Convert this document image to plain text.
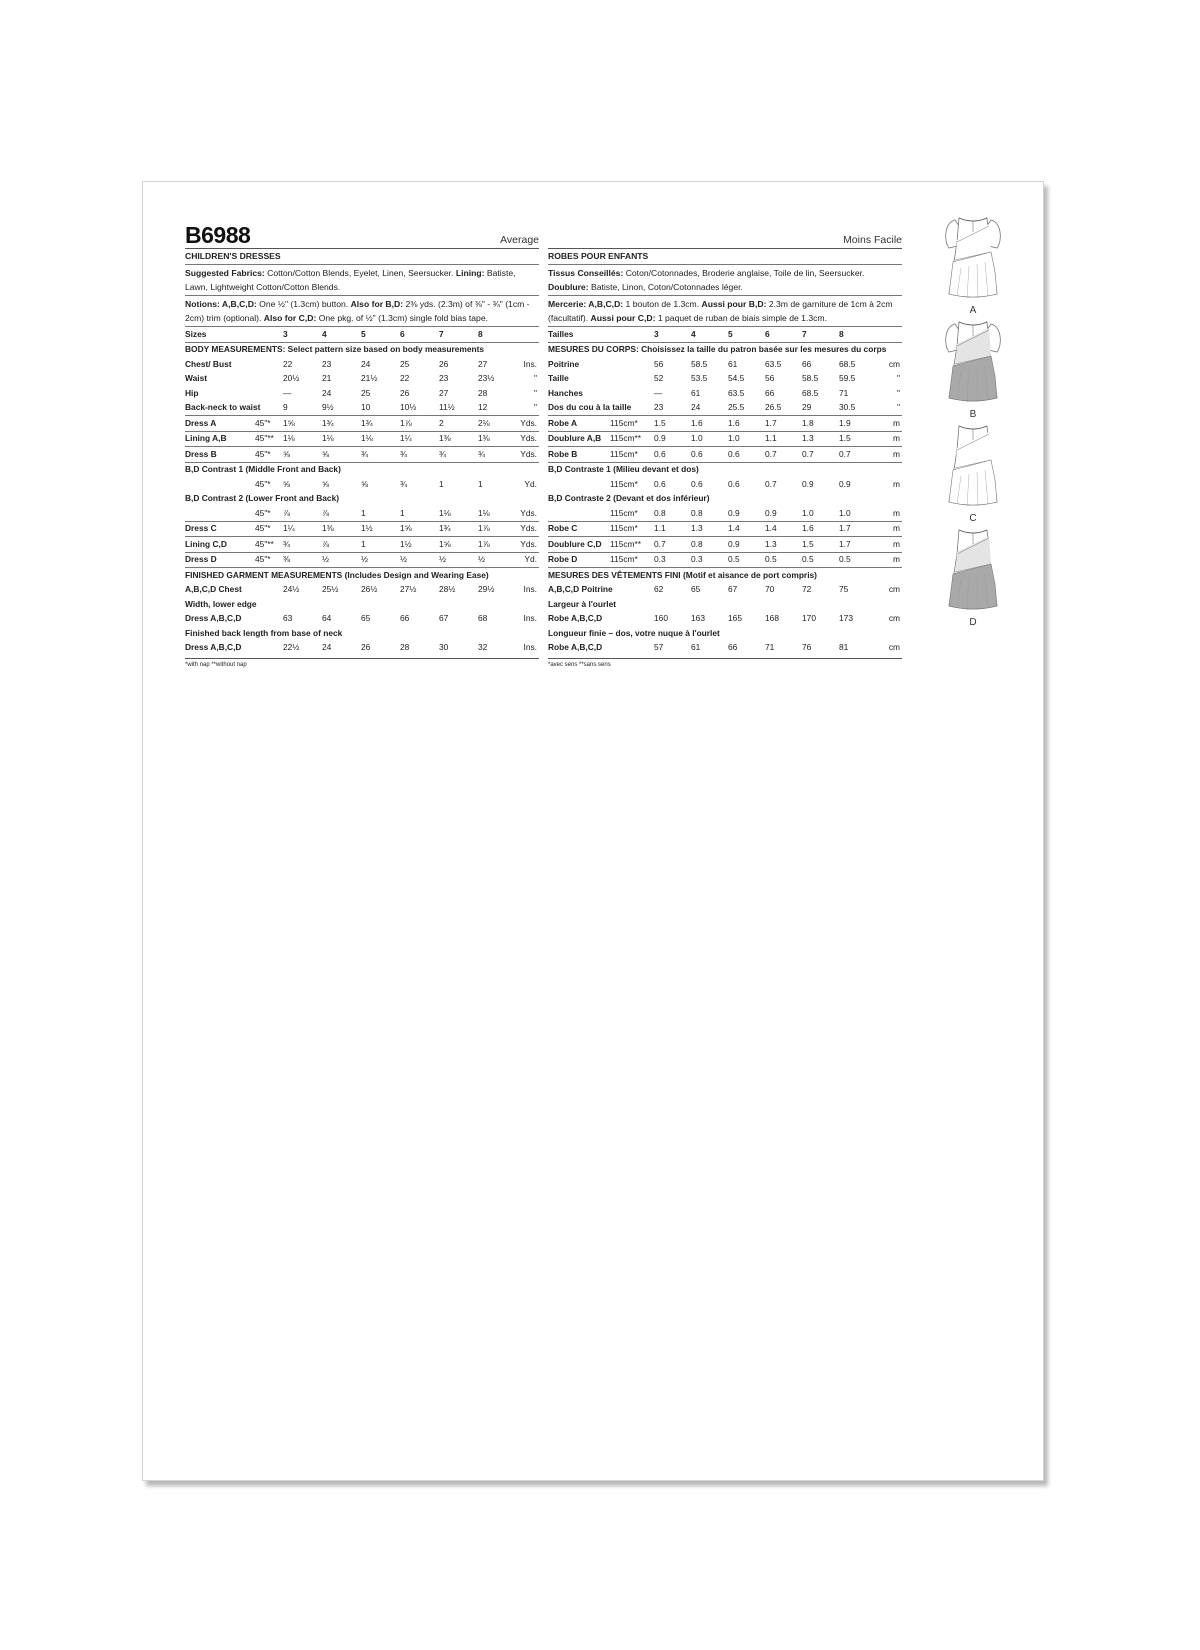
B6988	Average
CHILDREN'S DRESSES
Suggested Fabrics: Cotton/Cotton Blends, Eyelet, Linen, Seersucker. Lining: Batiste, Lawn, Lightweight Cotton/Cotton Blends.
Notions: A,B,C,D: One ½" (1.3cm) button. Also for B,D: 2⅜ yds. (2.3m) of ⅜" - ¾" (1cm - 2cm) trim (optional). Also for C,D: One pkg. of ½" (1.3cm) single fold bias tape.
Sizes		3	4	5	6	7	8	
BODY MEASUREMENTS: Select pattern size based on body measurements								
Chest/ Bust		22	23	24	25	26	27	Ins.
Waist		20½	21	21½	22	23	23½	"
Hip		—	24	25	26	27	28	"
Back-neck to waist		9	9½	10	10½	11½	12	"
Dress A	45"*	1⅝	1¾	1¾	1⅞	2	2⅛	Yds.
Lining A,B	45"**	1⅛	1⅛	1⅛	1¼	1⅜	1⅜	Yds.
Dress B	45"*	⅝	⅝	¾	¾	¾	¾	Yds.
B,D Contrast 1 (Middle Front and Back)								
	45"*	⅝	⅝	⅝	¾	1	1	Yd.
B,D Contrast 2 (Lower Front and Back)								
	45"*	⅞	⅞	1	1	1⅛	1⅛	Yds.
Dress C	45"*	1¼	1⅜	1½	1⅝	1¾	1⅞	Yds.
Lining C,D	45"**	¾	⅞	1	1½	1⅝	1⅞	Yds.
Dress D	45"*	⅜	½	½	½	½	½	Yd.
FINISHED GARMENT MEASUREMENTS (Includes Design and Wearing Ease)								
A,B,C,D Chest		24½	25½	26½	27½	28½	29½	Ins.
Width, lower edge								
Dress A,B,C,D		63	64	65	66	67	68	Ins.
Finished back length from base of neck								
Dress A,B,C,D		22½	24	26	28	30	32	Ins.
*with nap **without nap
Moins Facile
ROBES POUR ENFANTS
Tissus Conseillés: Coton/Cotonnades, Broderie anglaise, Toile de lin, Seersucker. Doublure: Batiste, Linon, Coton/Cotonnades léger.
Mercerie: A,B,C,D: 1 bouton de 1.3cm. Aussi pour B,D: 2.3m de garniture de 1cm à 2cm (facultatif). Aussi pour C,D: 1 paquet de ruban de biais simple de 1.3cm.
Tailles		3	4	5	6	7	8	
MESURES DU CORPS: Choisissez la taille du patron basée sur les mesures du corps								
Poitrine		56	58.5	61	63.5	66	68.5	cm
Taille		52	53.5	54.5	56	58.5	59.5	"
Hanches		—	61	63.5	66	68.5	71	"
Dos du cou à la taille		23	24	25.5	26.5	29	30.5	"
Robe A	115cm*	1.5	1.6	1.6	1.7	1.8	1.9	m
Doublure A,B	115cm**	0.9	1.0	1.0	1.1	1.3	1.5	m
Robe B	115cm*	0.6	0.6	0.6	0.7	0.7	0.7	m
B,D Contraste 1 (Milieu devant et dos)								
	115cm*	0.6	0.6	0.6	0.7	0.9	0.9	m
B,D Contraste 2 (Devant et dos inférieur)								
	115cm*	0.8	0.8	0.9	0.9	1.0	1.0	m
Robe C	115cm*	1.1	1.3	1.4	1.4	1.6	1.7	m
Doublure C,D	115cm**	0.7	0.8	0.9	1.3	1.5	1.7	m
Robe D	115cm*	0.3	0.3	0.5	0.5	0.5	0.5	m
MESURES DES VÊTEMENTS FINI (Motif et aisance de port compris)								
A,B,C,D Poitrine		62	65	67	70	72	75	cm
Largeur à l'ourlet								
Robe A,B,C,D		160	163	165	168	170	173	cm
Longueur finie – dos, votre nuque à l'ourlet								
Robe A,B,C,D		57	61	66	71	76	81	cm
*avec sens **sans sens
A
B
C
D
